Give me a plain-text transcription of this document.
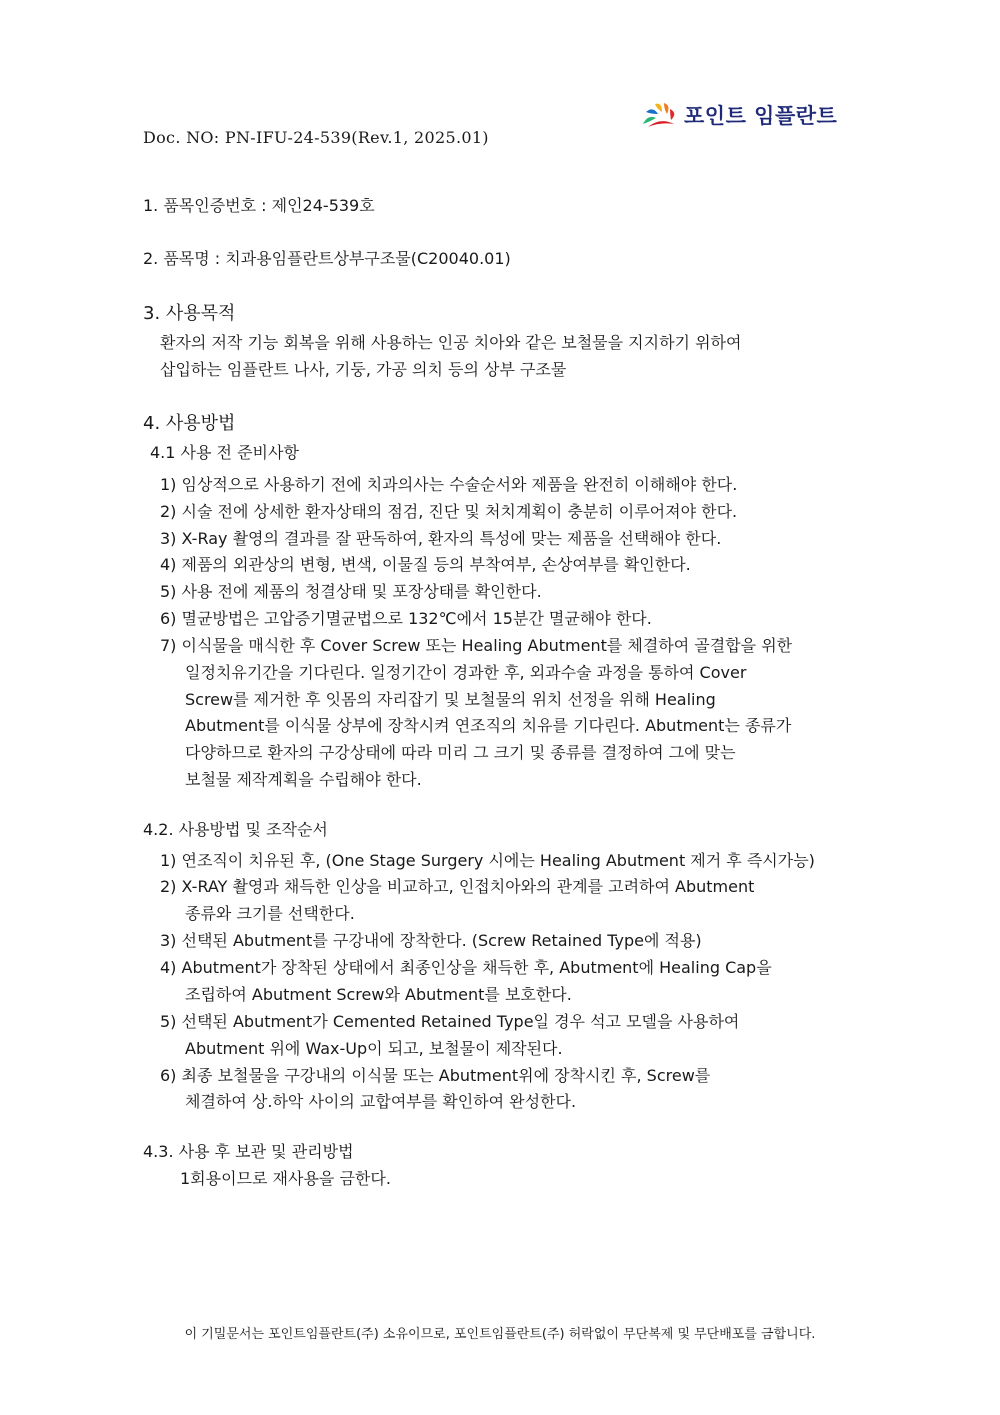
포인트 임플란트
Doc. NO: PN-IFU-24-539(Rev.1, 2025.01)
1. 품목인증번호 : 제인24-539호
2. 품목명 : 치과용임플란트상부구조물(C20040.01)
3. 사용목적
환자의 저작 기능 회복을 위해 사용하는 인공 치아와 같은 보철물을 지지하기 위하여
삽입하는 임플란트 나사, 기둥, 가공 의치 등의 상부 구조물
4. 사용방법
4.1 사용 전 준비사항
1) 임상적으로 사용하기 전에 치과의사는 수술순서와 제품을 완전히 이해해야 한다.
2) 시술 전에 상세한 환자상태의 점검, 진단 및 처치계획이 충분히 이루어져야 한다.
3) X-Ray 촬영의 결과를 잘 판독하여, 환자의 특성에 맞는 제품을 선택해야 한다.
4) 제품의 외관상의 변형, 변색, 이물질 등의 부착여부, 손상여부를 확인한다.
5) 사용 전에 제품의 청결상태 및 포장상태를 확인한다.
6) 멸균방법은 고압증기멸균법으로 132℃에서 15분간 멸균해야 한다.
7) 이식물을 매식한 후 Cover Screw 또는 Healing Abutment를 체결하여 골결합을 위한
일정치유기간을 기다린다. 일정기간이 경과한 후, 외과수술 과정을 통하여 Cover
Screw를 제거한 후 잇몸의 자리잡기 및 보철물의 위치 선정을 위해 Healing
Abutment를 이식물 상부에 장착시켜 연조직의 치유를 기다린다. Abutment는 종류가
다양하므로 환자의 구강상태에 따라 미리 그 크기 및 종류를 결정하여 그에 맞는
보철물 제작계획을 수립해야 한다.
4.2. 사용방법 및 조작순서
1) 연조직이 치유된 후, (One Stage Surgery 시에는 Healing Abutment 제거 후 즉시가능)
2) X-RAY 촬영과 채득한 인상을 비교하고, 인접치아와의 관계를 고려하여 Abutment
종류와 크기를 선택한다.
3) 선택된 Abutment를 구강내에 장착한다. (Screw Retained Type에 적용)
4) Abutment가 장착된 상태에서 최종인상을 채득한 후, Abutment에 Healing Cap을
조립하여 Abutment Screw와 Abutment를 보호한다.
5) 선택된 Abutment가 Cemented Retained Type일 경우 석고 모델을 사용하여
Abutment 위에 Wax-Up이 되고, 보철물이 제작된다.
6) 최종 보철물을 구강내의 이식물 또는 Abutment위에 장착시킨 후, Screw를
체결하여 상.하악 사이의 교합여부를 확인하여 완성한다.
4.3. 사용 후 보관 및 관리방법
1회용이므로 재사용을 금한다.
이 기밀문서는 포인트임플란트(주) 소유이므로, 포인트임플란트(주) 허락없이 무단복제 및 무단배포를 금합니다.
